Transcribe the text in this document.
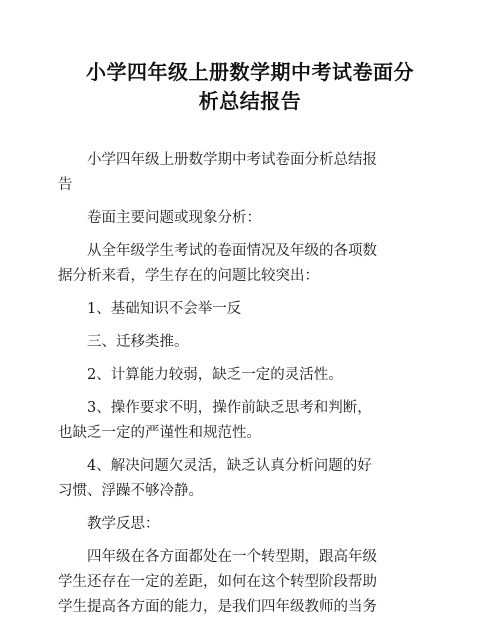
小学四年级上册数学期中考试卷面分
析总结报告

小学四年级上册数学期中考试卷面分析总结报

告

卷面主要问题或现象分析：

从全年级学生考试的卷面情况及年级的各项数

据分析来看，学生存在的问题比较突出：

1、基础知识不会举一反

三、迁移类推。

2、计算能力较弱，缺乏一定的灵活性。

3、操作要求不明，操作前缺乏思考和判断，

也缺乏一定的严谨性和规范性。

4、解决问题欠灵活，缺乏认真分析问题的好

习惯、浮躁不够冷静。

教学反思：

四年级在各方面都处在一个转型期，跟高年级

学生还存在一定的差距，如何在这个转型阶段帮助

学生提高各方面的能力，是我们四年级教师的当务
